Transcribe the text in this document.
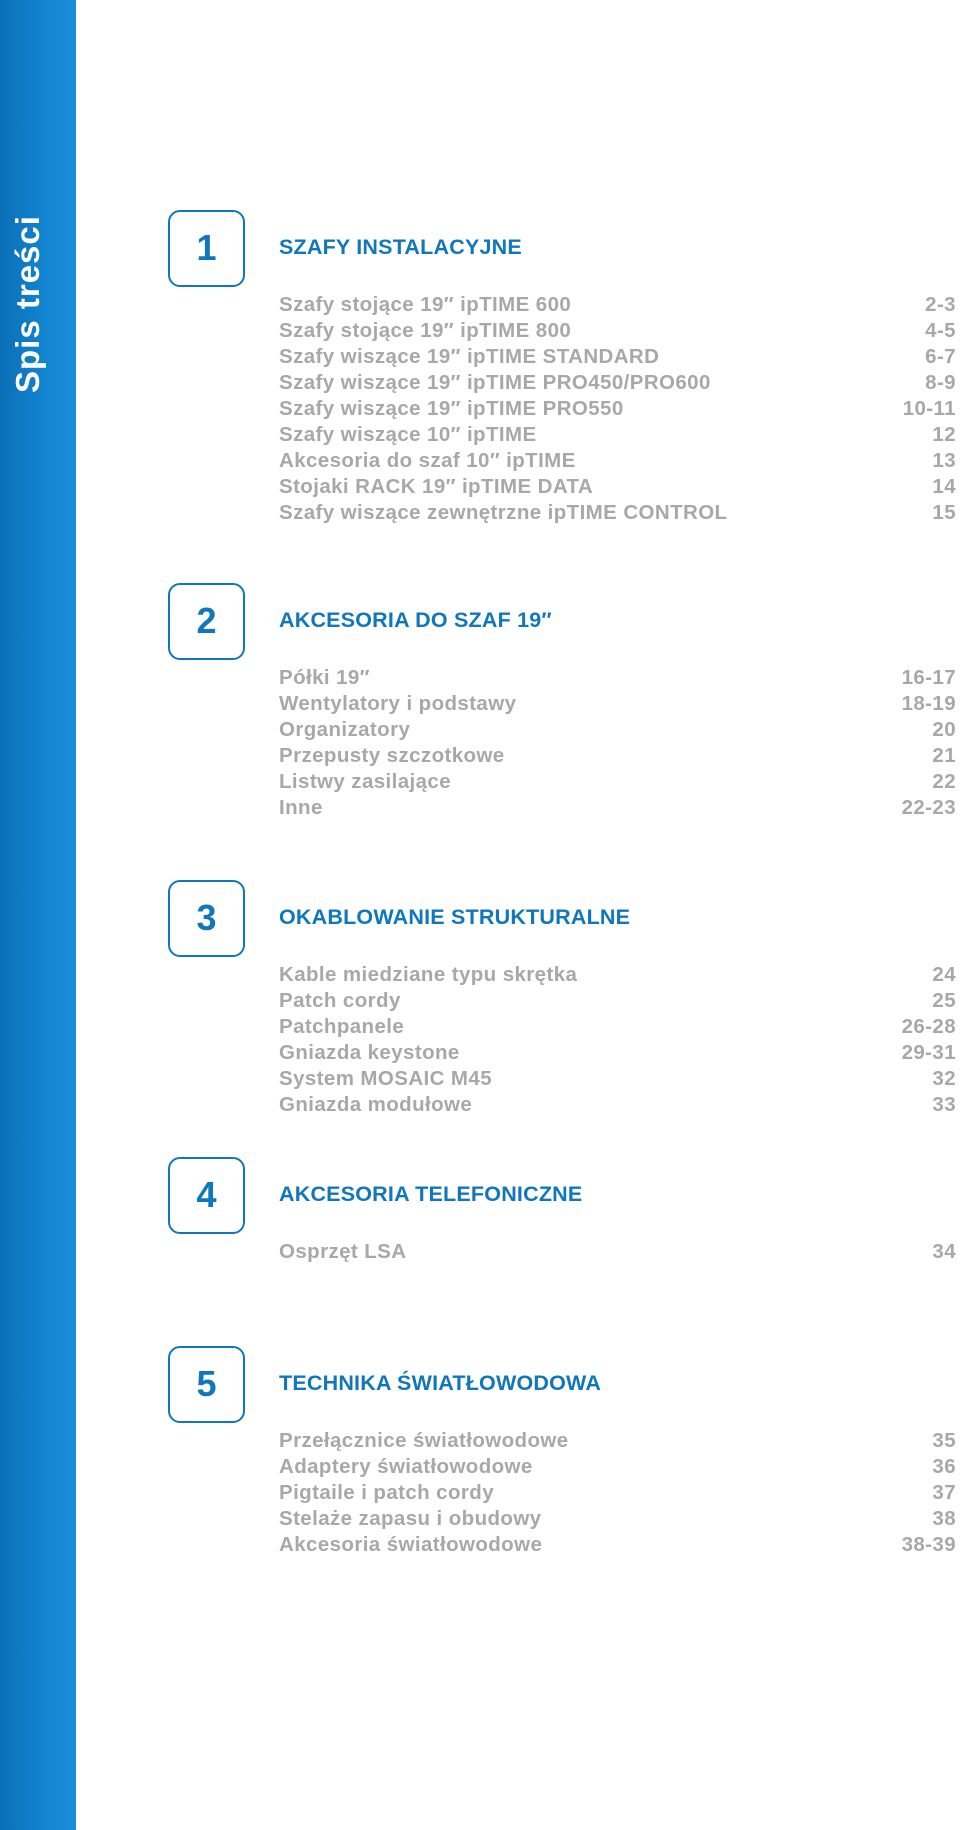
Spis treści	1	SZAFY INSTALACYJNE
Szafy stojące 19″ ipTIME 600	2-3
Szafy stojące 19″ ipTIME 800	4-5
Szafy wiszące 19″ ipTIME STANDARD	6-7
Szafy wiszące 19″ ipTIME PRO450/PRO600	8-9
Szafy wiszące 19″ ipTIME PRO550	10-11
Szafy wiszące 10″ ipTIME	12
Akcesoria do szaf 10″ ipTIME	13
Stojaki RACK 19″ ipTIME DATA	14
Szafy wiszące zewnętrzne ipTIME CONTROL	15
2	AKCESORIA DO SZAF 19″
Półki 19″	16-17
Wentylatory i podstawy	18-19
Organizatory	20
Przepusty szczotkowe	21
Listwy zasilające	22
Inne	22-23
3	OKABLOWANIE STRUKTURALNE
Kable miedziane typu skrętka	24
Patch cordy	25
Patchpanele	26-28
Gniazda keystone	29-31
System MOSAIC M45	32
Gniazda modułowe	33
4	AKCESORIA TELEFONICZNE
Osprzęt LSA	34
5	TECHNIKA ŚWIATŁOWODOWA
Przełącznice światłowodowe	35
Adaptery światłowodowe	36
Pigtaile i patch cordy	37
Stelaże zapasu i obudowy	38
Akcesoria światłowodowe	38-39
